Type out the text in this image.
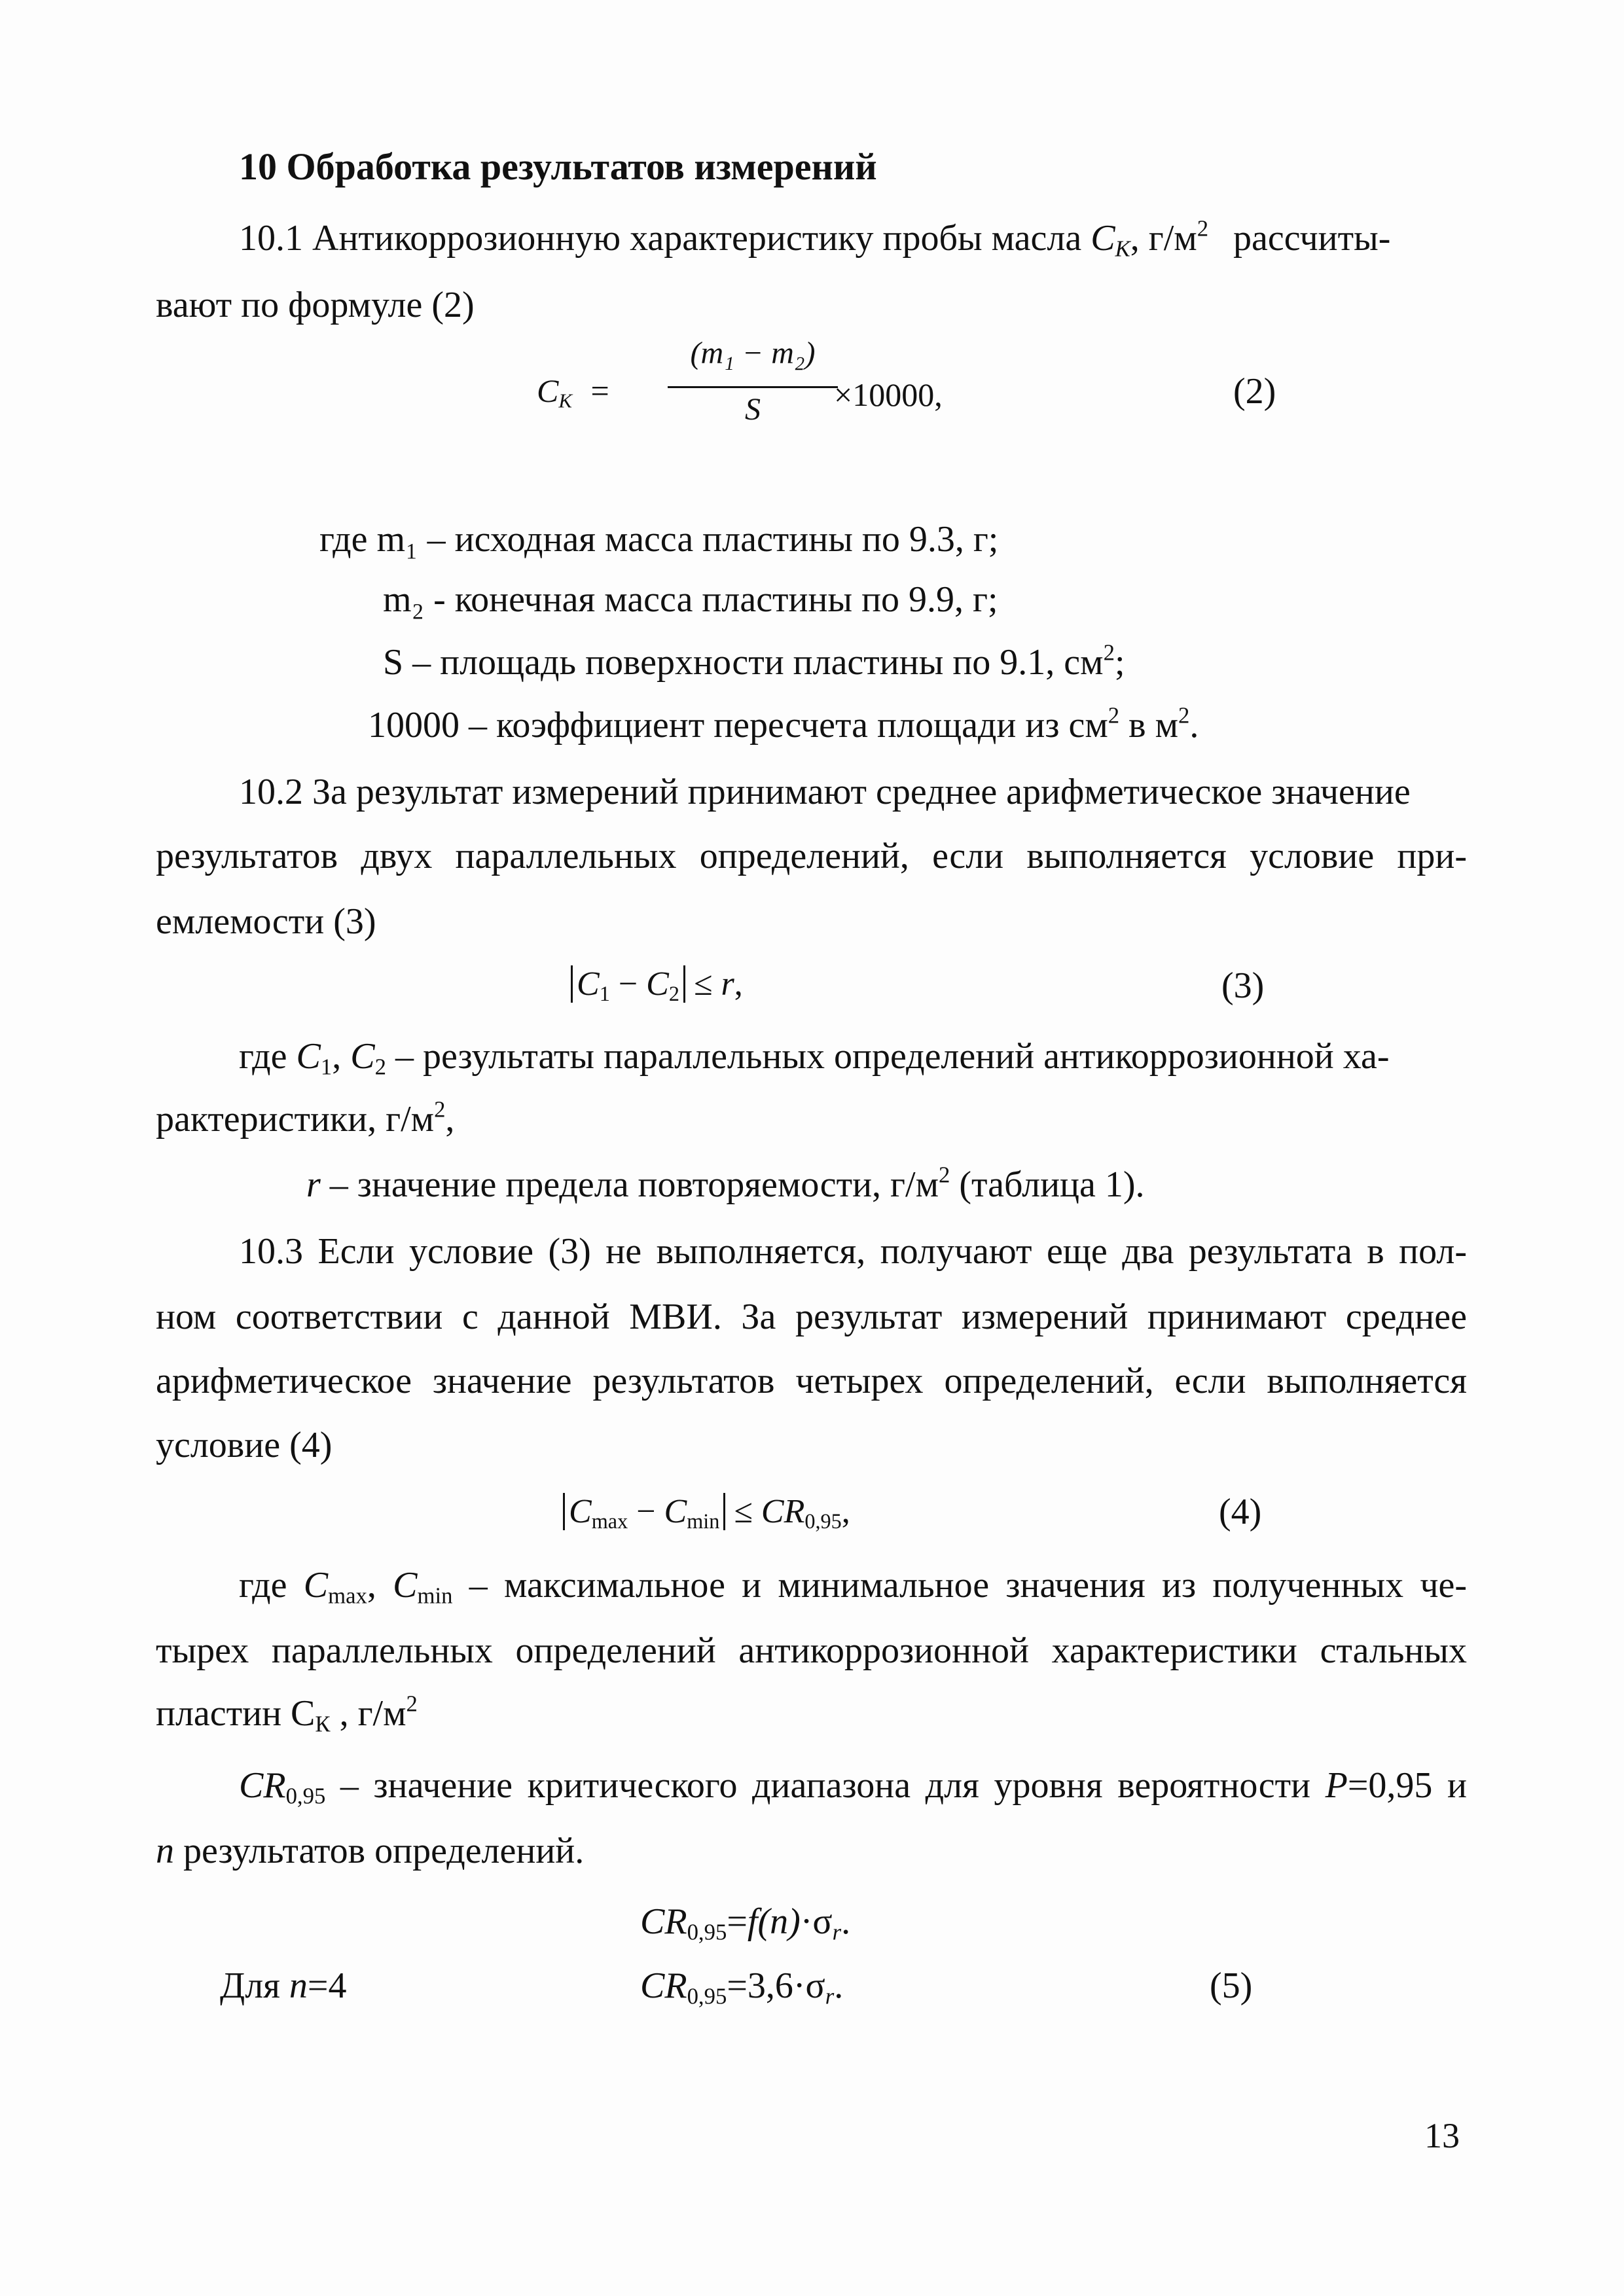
10 Обработка результатов измерений
10.1 Антикоррозионную характеристику пробы масла $C_K$, $г/м^2$ рассчиты-
вают по формуле (2)
$C_K$ =
(m₁ − m₂)
S	×10000,	(2)
где m₁ – исходная масса пластины по 9.3, г;
m₂ - конечная масса пластины по 9.9, г;
S – площадь поверхности пластины по 9.1, $см^2$;
10000 – коэффициент пересчета площади из $см^2$ в $м^2$.
10.2 За результат измерений принимают среднее арифметическое значение
результатов двух параллельных определений, если выполняется условие при-
емлемости (3)
$C_1 - C_2 \le r$,	(3)
где $C_1$, $C_2$ – результаты параллельных определений антикоррозионной ха-
рактеристики, $г/м^2$,
r – значение предела повторяемости, $г/м^2$ (таблица 1).
10.3 Если условие (3) не выполняется, получают еще два результата в пол-
ном соответствии с данной МВИ. За результат измерений принимают среднее
арифметическое значение результатов четырех определений, если выполняется
условие (4)
$C_{max} - C_{min} \le CR_{0,95}$,	(4)
где $C_{max}$, $C_{min}$ – максимальное и минимальное значения из полученных че-
тырех параллельных определений антикоррозионной характеристики стальных
пластин $С_К$ , $г/м^2$
$CR_{0,95}$ – значение критического диапазона для уровня вероятности P=0,95 и
n результатов определений.
$CR_{0,95}=f(n)\cdot\sigma_r$.
Для n=4	$CR_{0,95}=3,6\cdot\sigma_r$.	(5)
13
